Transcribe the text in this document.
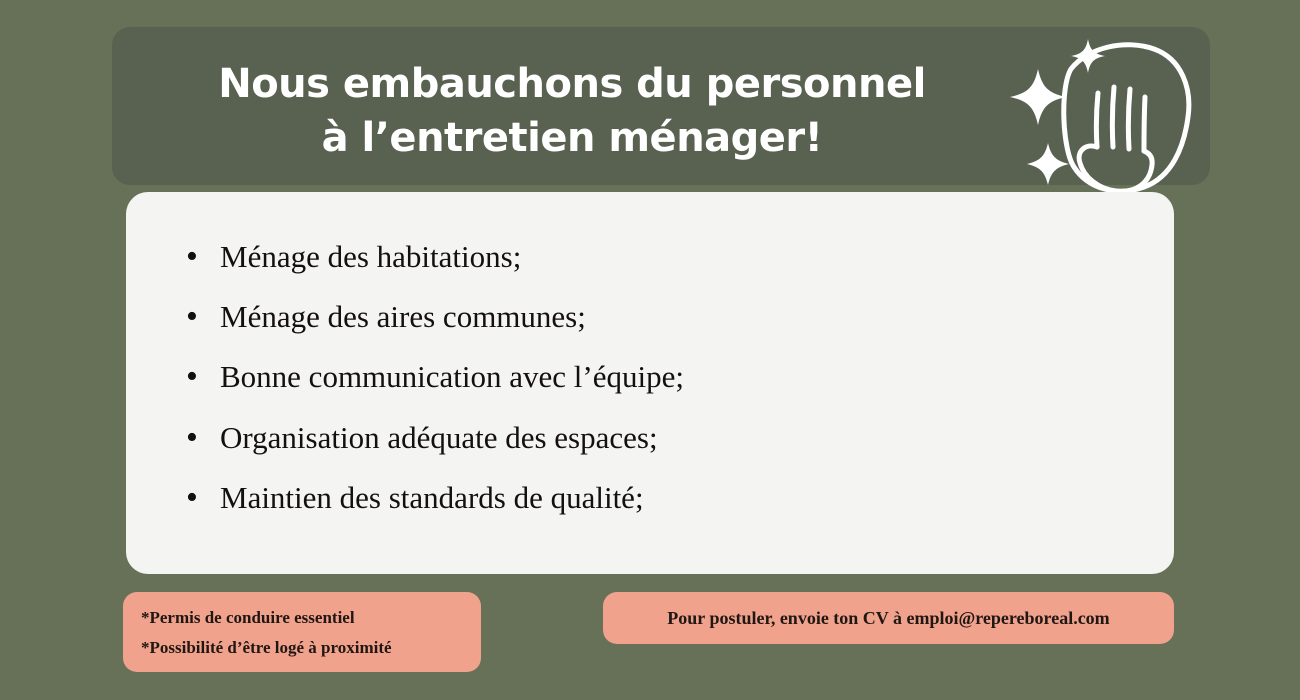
Nous embauchons du personnel
à l’entretien ménager!
• Ménage des habitations;
• Ménage des aires communes;
• Bonne communication avec l’équipe;
• Organisation adéquate des espaces;
• Maintien des standards de qualité;
*Permis de conduire essentiel
*Possibilité d’être logé à proximité
Pour postuler, envoie ton CV à emploi@repereboreal.com
